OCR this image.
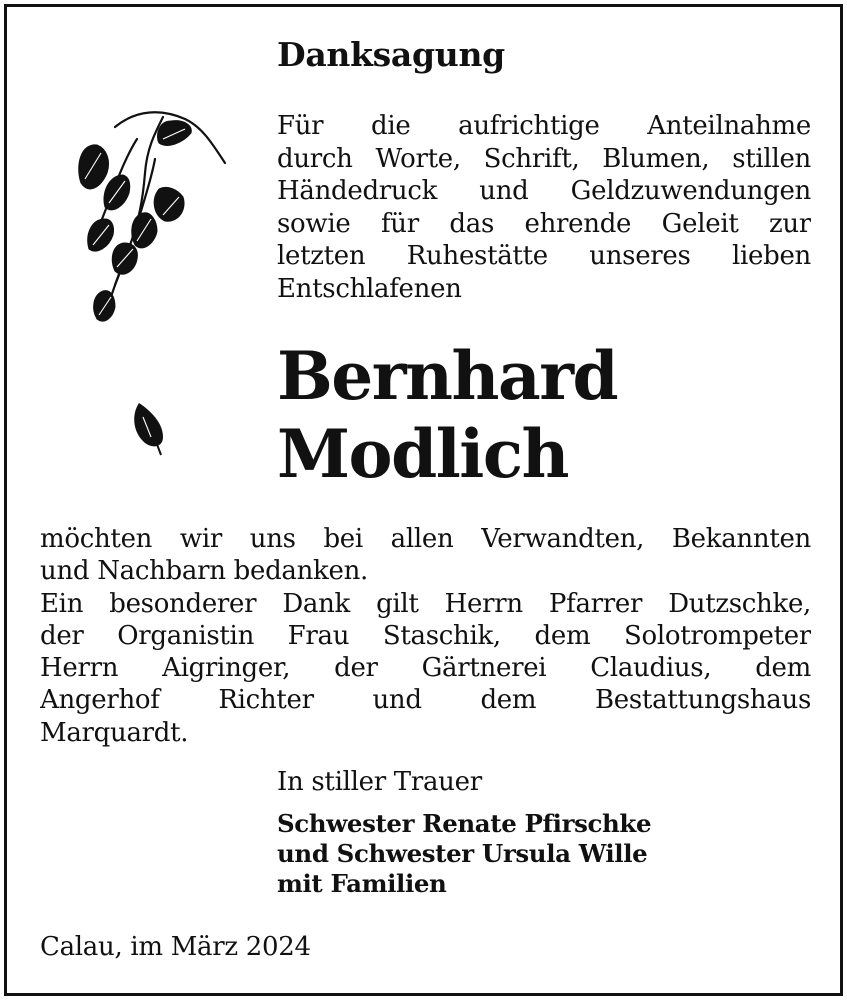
Danksagung
Für die aufrichtige Anteilnahme
durch Worte, Schrift, Blumen, stillen
Händedruck und Geldzuwendungen
sowie für das ehrende Geleit zur
letzten Ruhestätte unseres lieben
Entschlafenen
Bernhard
Modlich
möchten wir uns bei allen Verwandten, Bekannten
und Nachbarn bedanken.
Ein besonderer Dank gilt Herrn Pfarrer Dutzschke,
der Organistin Frau Staschik, dem Solotrompeter
Herrn Aigringer, der Gärtnerei Claudius, dem
Angerhof Richter und dem Bestattungshaus
Marquardt.
In stiller Trauer
Schwester Renate Pfirschke
und Schwester Ursula Wille
mit Familien
Calau, im März 2024
